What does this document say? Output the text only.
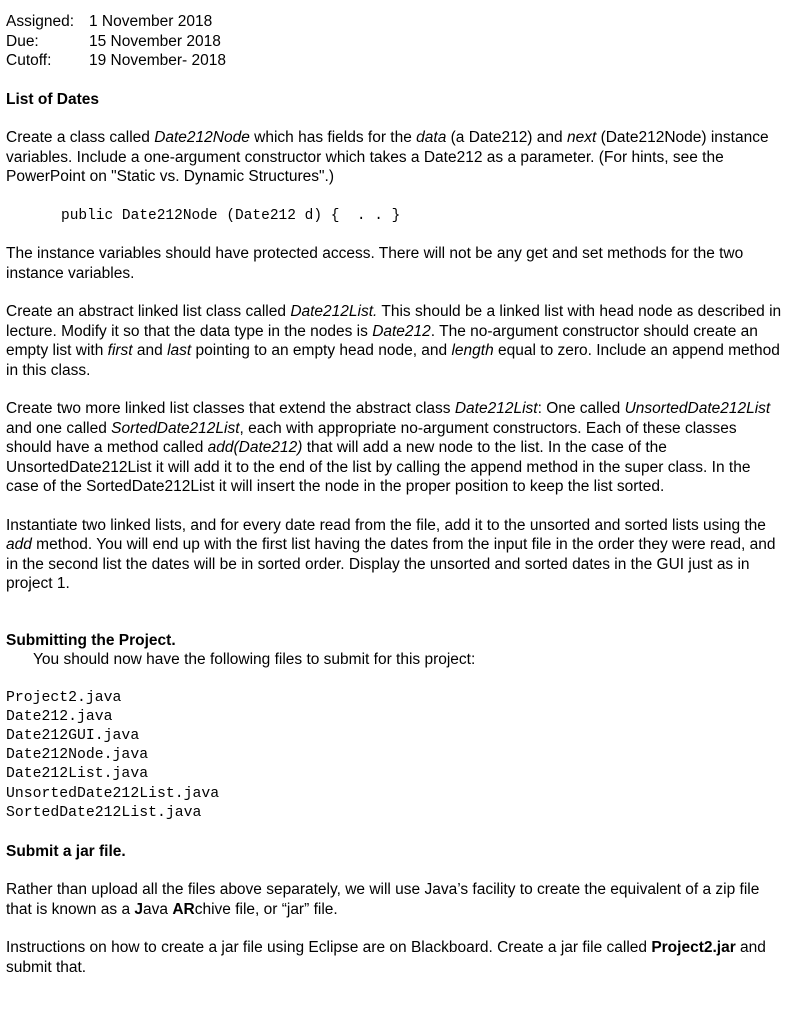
Assigned: 1 November 2018
Due:	15 November 2018
Cutoff:	19 November- 2018

List of Dates

Create a class called Date212Node which has fields for the data (a Date212) and next (Date212Node) instance variables. Include a one-argument constructor which takes a Date212 as a parameter. (For hints, see the PowerPoint on "Static vs. Dynamic Structures".)

public Date212Node (Date212 d) {  . . }

The instance variables should have protected access. There will not be any get and set methods for the two instance variables.

Create an abstract linked list class called Date212List. This should be a linked list with head node as described in lecture. Modify it so that the data type in the nodes is Date212. The no-argument constructor should create an empty list with first and last pointing to an empty head node, and length equal to zero. Include an append method in this class.

Create two more linked list classes that extend the abstract class Date212List: One called UnsortedDate212List and one called SortedDate212List, each with appropriate no-argument constructors. Each of these classes should have a method called add(Date212) that will add a new node to the list. In the case of the UnsortedDate212List it will add it to the end of the list by calling the append method in the super class. In the case of the SortedDate212List it will insert the node in the proper position to keep the list sorted.

Instantiate two linked lists, and for every date read from the file, add it to the unsorted and sorted lists using the add method. You will end up with the first list having the dates from the input file in the order they were read, and in the second list the dates will be in sorted order. Display the unsorted and sorted dates in the GUI just as in project 1.

Submitting the Project.

You should now have the following files to submit for this project:

Project2.java
Date212.java
Date212GUI.java
Date212Node.java
Date212List.java
UnsortedDate212List.java
SortedDate212List.java

Submit a jar file.

Rather than upload all the files above separately, we will use Java’s facility to create the equivalent of a zip file that is known as a Java ARchive file, or “jar” file.

Instructions on how to create a jar file using Eclipse are on Blackboard. Create a jar file called Project2.jar and submit that.
